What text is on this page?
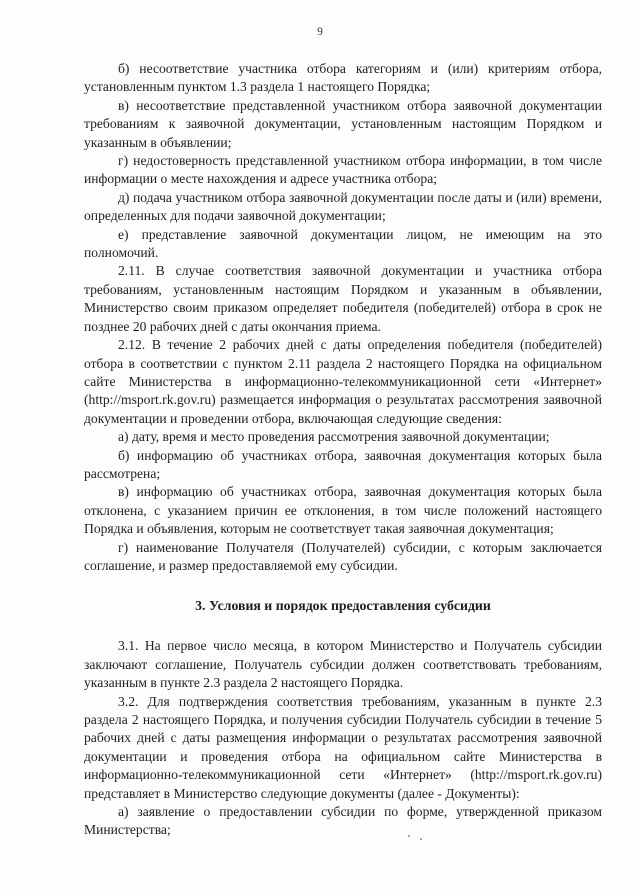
9

б) несоответствие участника отбора категориям и (или) критериям отбора, установленным пунктом 1.3 раздела 1 настоящего Порядка;

в) несоответствие представленной участником отбора заявочной документации требованиям к заявочной документации, установленным настоящим Порядком и указанным в объявлении;

г) недостоверность представленной участником отбора информации, в том числе информации о месте нахождения и адресе участника отбора;

д) подача участником отбора заявочной документации после даты и (или) времени, определенных для подачи заявочной документации;

е) представление заявочной документации лицом, не имеющим на это полномочий.

2.11. В случае соответствия заявочной документации и участника отбора требованиям, установленным настоящим Порядком и указанным в объявлении, Министерство своим приказом определяет победителя (победителей) отбора в срок не позднее 20 рабочих дней с даты окончания приема.

2.12. В течение 2 рабочих дней с даты определения победителя (победителей) отбора в соответствии с пунктом 2.11 раздела 2 настоящего Порядка на официальном сайте Министерства в информационно-телекоммуникационной сети «Интернет» (http://msport.rk.gov.ru) размещается информация о результатах рассмотрения заявочной документации и проведении отбора, включающая следующие сведения:

а) дату, время и место проведения рассмотрения заявочной документации;

б) информацию об участниках отбора, заявочная документация которых была рассмотрена;

в) информацию об участниках отбора, заявочная документация которых была отклонена, с указанием причин ее отклонения, в том числе положений настоящего Порядка и объявления, которым не соответствует такая заявочная документация;

г) наименование Получателя (Получателей) субсидии, с которым заключается соглашение, и размер предоставляемой ему субсидии.

3. Условия и порядок предоставления субсидии

3.1. На первое число месяца, в котором Министерство и Получатель субсидии заключают соглашение, Получатель субсидии должен соответствовать требованиям, указанным в пункте 2.3 раздела 2 настоящего Порядка.

3.2. Для подтверждения соответствия требованиям, указанным в пункте 2.3 раздела 2 настоящего Порядка, и получения субсидии Получатель субсидии в течение 5 рабочих дней с даты размещения информации о результатах рассмотрения заявочной документации и проведения отбора на официальном сайте Министерства в информационно-телекоммуникационной сети «Интернет» (http://msport.rk.gov.ru) представляет в Министерство следующие документы (далее - Документы):

а) заявление о предоставлении субсидии по форме, утвержденной приказом Министерства;
